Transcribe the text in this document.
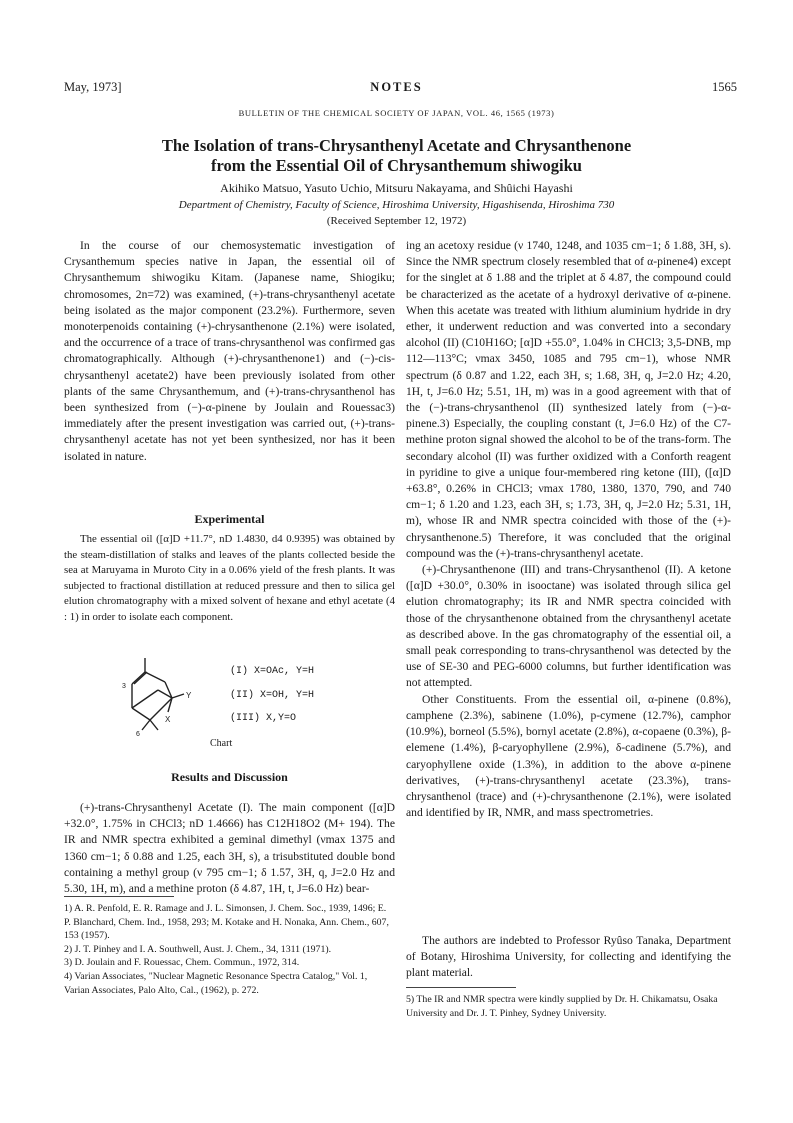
May, 1973]	NOTES	1565
BULLETIN OF THE CHEMICAL SOCIETY OF JAPAN, VOL. 46, 1565 (1973)
The Isolation of trans-Chrysanthenyl Acetate and Chrysanthenone
from the Essential Oil of Chrysanthemum shiwogiku
Akihiko Matsuo, Yasuto Uchio, Mitsuru Nakayama, and Shûichi Hayashi
Department of Chemistry, Faculty of Science, Hiroshima University, Higashisenda, Hiroshima 730
(Received September 12, 1972)

In the course of our chemosystematic investigation of Crysanthemum species native in Japan, the essential oil of Chrysanthemum shiwogiku Kitam. (Japanese name, Shiogiku; chromosomes, 2n=72) was examined, (+)-trans-chrysanthenyl acetate being isolated as the major component (23.2%). Furthermore, seven monoterpenoids containing (+)-chrysanthenone (2.1%) were isolated, and the occurrence of a trace of trans-chrysanthenol was confirmed gas chromatographically. Although (+)-chrysanthenone1) and (−)-cis-chrysanthenyl acetate2) have been previously isolated from other plants of the same Chrysanthemum, and (+)-trans-chrysanthenol has been synthesized from (−)-α-pinene by Joulain and Rouessac3) immediately after the present investigation was carried out, (+)-trans-chrysanthenyl acetate has not yet been synthesized, nor has it been isolated in nature.

Experimental

The essential oil ([α]D +11.7°, nD 1.4830, d4 0.9395) was obtained by the steam-distillation of stalks and leaves of the plants collected beside the sea at Maruyama in Muroto City in a 0.06% yield of the fresh plants. It was subjected to fractional distillation at reduced pressure and then to silica gel elution chromatography with a mixed solvent of hexane and ethyl acetate (4 : 1) in order to isolate each component.

3
6
Y
X
(I) X=OAc, Y=H
(II) X=OH, Y=H
(III) X,Y=O
Chart
Results and Discussion

(+)-trans-Chrysanthenyl Acetate (I). The main component ([α]D +32.0°, 1.75% in CHCl3; nD 1.4666) has C12H18O2 (M+ 194). The IR and NMR spectra exhibited a geminal dimethyl (νmax 1375 and 1360 cm−1; δ 0.88 and 1.25, each 3H, s), a trisubstituted double bond containing a methyl group (ν 795 cm−1; δ 1.57, 3H, q, J=2.0 Hz and 5.30, 1H, m), and a methine proton (δ 4.87, 1H, t, J=6.0 Hz) bear-

1) A. R. Penfold, E. R. Ramage and J. L. Simonsen, J. Chem. Soc., 1939, 1496; E. P. Blanchard, Chem. Ind., 1958, 293; M. Kotake and H. Nonaka, Ann. Chem., 607, 153 (1957).

2) J. T. Pinhey and I. A. Southwell, Aust. J. Chem., 34, 1311 (1971).

3) D. Joulain and F. Rouessac, Chem. Commun., 1972, 314.

4) Varian Associates, "Nuclear Magnetic Resonance Spectra Catalog," Vol. 1, Varian Associates, Palo Alto, Cal., (1962), p. 272.

ing an acetoxy residue (ν 1740, 1248, and 1035 cm−1; δ 1.88, 3H, s). Since the NMR spectrum closely resembled that of α-pinene4) except for the singlet at δ 1.88 and the triplet at δ 4.87, the compound could be characterized as the acetate of a hydroxyl derivative of α-pinene. When this acetate was treated with lithium aluminium hydride in dry ether, it underwent reduction and was converted into a secondary alcohol (II) (C10H16O; [α]D +55.0°, 1.04% in CHCl3; 3,5-DNB, mp 112—113°C; νmax 3450, 1085 and 795 cm−1), whose NMR spectrum (δ 0.87 and 1.22, each 3H, s; 1.68, 3H, q, J=2.0 Hz; 4.20, 1H, t, J=6.0 Hz; 5.51, 1H, m) was in a good agreement with that of the (−)-trans-chrysanthenol (II) synthesized lately from (−)-α-pinene.3) Especially, the coupling constant (t, J=6.0 Hz) of the C7-methine proton signal showed the alcohol to be of the trans-form. The secondary alcohol (II) was further oxidized with a Conforth reagent in pyridine to give a unique four-membered ring ketone (III), ([α]D +63.8°, 0.26% in CHCl3; νmax 1780, 1380, 1370, 790, and 740 cm−1; δ 1.20 and 1.23, each 3H, s; 1.73, 3H, q, J=2.0 Hz; 5.31, 1H, m), whose IR and NMR spectra coincided with those of the (+)-chrysanthenone.5) Therefore, it was concluded that the original compound was the (+)-trans-chrysanthenyl acetate.

(+)-Chrysanthenone (III) and trans-Chrysanthenol (II). A ketone ([α]D +30.0°, 0.30% in isooctane) was isolated through silica gel elution chromatography; its IR and NMR spectra coincided with those of the chrysanthenone obtained from the chrysanthenyl acetate as described above. In the gas chromatography of the essential oil, a small peak corresponding to trans-chrysanthenol was detected by the use of SE-30 and PEG-6000 columns, but further identification was not attempted.

Other Constituents. From the essential oil, α-pinene (0.8%), camphene (2.3%), sabinene (1.0%), p-cymene (12.7%), camphor (10.9%), borneol (5.5%), bornyl acetate (2.8%), α-copaene (0.3%), β-elemene (1.4%), β-caryophyllene (2.9%), δ-cadinene (5.7%), and caryophyllene oxide (1.3%), in addition to the above α-pinene derivatives, (+)-trans-chrysanthenyl acetate (23.3%), trans-chrysanthenol (trace) and (+)-chrysanthenone (2.1%), were isolated and identified by IR, NMR, and mass spectrometries.

The authors are indebted to Professor Ryûso Tanaka, Department of Botany, Hiroshima University, for collecting and identifying the plant material.

5) The IR and NMR spectra were kindly supplied by Dr. H. Chikamatsu, Osaka University and Dr. J. T. Pinhey, Sydney University.
